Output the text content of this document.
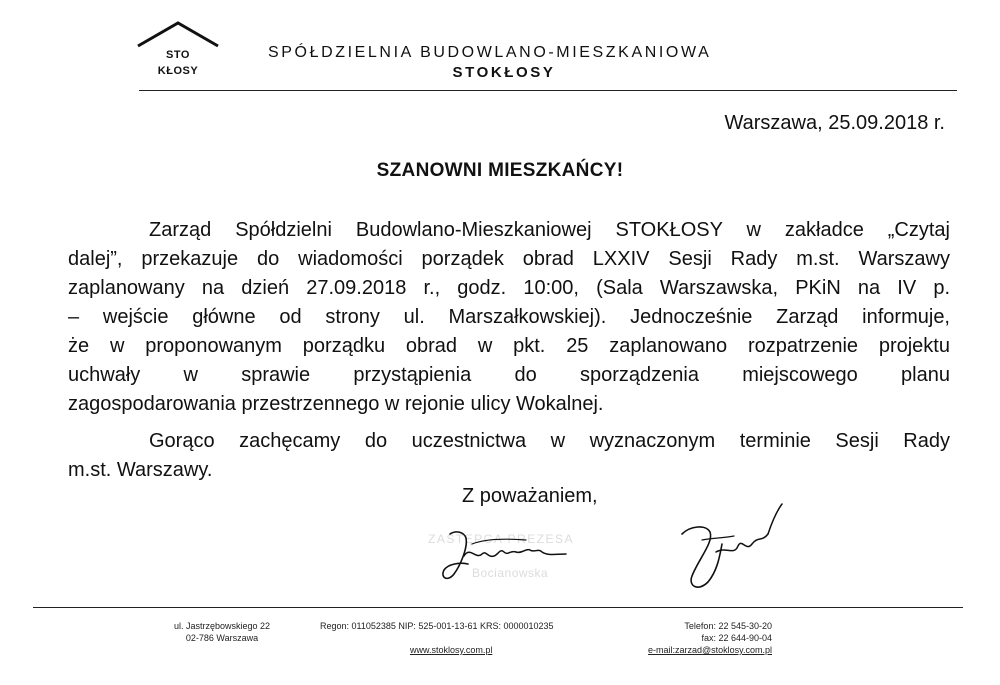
STO
KŁOSY
SPÓŁDZIELNIA BUDOWLANO-MIESZKANIOWA
STOKŁOSY
Warszawa, 25.09.2018 r.
SZANOWNI MIESZKAŃCY!
Zarząd Spółdzielni Budowlano-Mieszkaniowej STOKŁOSY w zakładce „Czytaj
dalej”, przekazuje do wiadomości porządek obrad LXXIV Sesji Rady m.st. Warszawy
zaplanowany na dzień 27.09.2018 r., godz. 10:00, (Sala Warszawska, PKiN na IV p.
– wejście główne od strony ul. Marszałkowskiej). Jednocześnie Zarząd informuje,
że w proponowanym porządku obrad w pkt. 25 zaplanowano rozpatrzenie projektu
uchwały w sprawie przystąpienia do sporządzenia miejscowego planu
zagospodarowania przestrzennego w rejonie ulicy Wokalnej.
Gorąco zachęcamy do uczestnictwa w wyznaczonym terminie Sesji Rady
m.st. Warszawy.
Z poważaniem,
ZASTĘPCA PREZESA
Bocianowska
ul. Jastrzębowskiego 22
02-786 Warszawa
Regon: 011052385 NIP: 525-001-13-61 KRS: 0000010235
www.stoklosy.com.pl
Telefon: 22 545-30-20
fax: 22 644-90-04
e-mail:zarzad@stoklosy.com.pl
